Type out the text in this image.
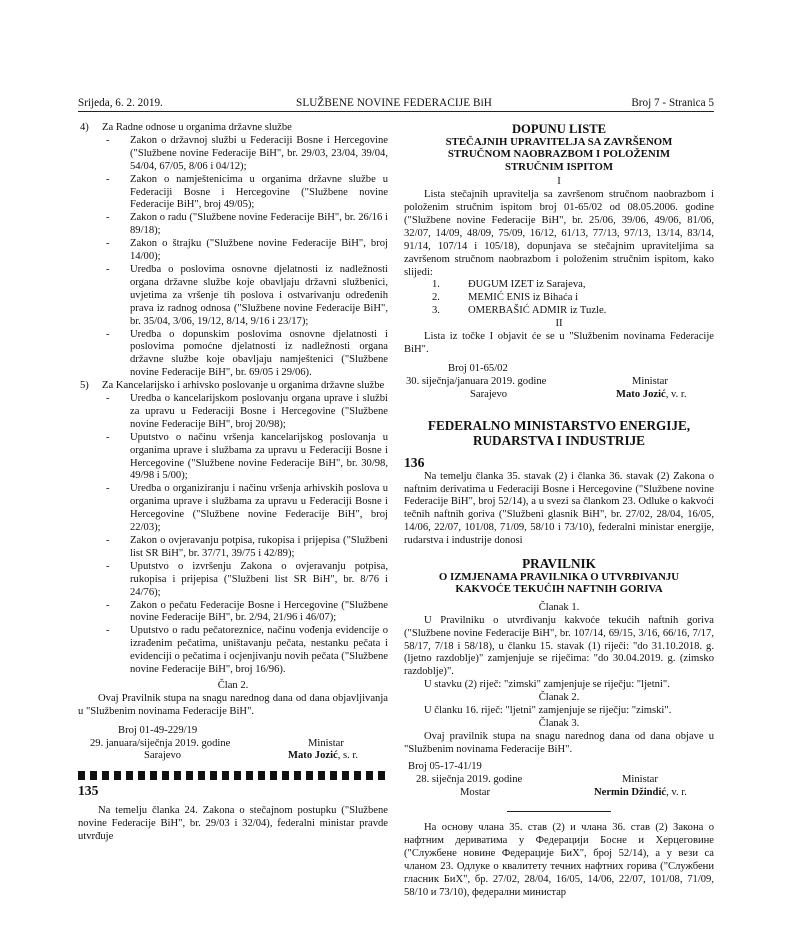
Srijeda, 6. 2. 2019.	SLUŽBENE NOVINE FEDERACIJE BiH	Broj 7 - Stranica 5
4) Za Radne odnose u organima državne službe
- Zakon o državnoj službi u Federaciji Bosne i Hercegovine ("Službene novine Federacije BiH", br. 29/03, 23/04, 39/04, 54/04, 67/05, 8/06 i 04/12);
- Zakon o namještenicima u organima državne službe u Federaciji Bosne i Hercegovine ("Službene novine Federacije BiH", broj 49/05);
- Zakon o radu ("Službene novine Federacije BiH", br. 26/16 i 89/18);
- Zakon o štrajku ("Službene novine Federacije BiH", broj 14/00);
- Uredba o poslovima osnovne djelatnosti iz nadležnosti organa državne službe koje obavljaju državni službenici, uvjetima za vršenje tih poslova i ostvarivanju određenih prava iz radnog odnosa ("Službene novine Federacije BiH", br. 35/04, 3/06, 19/12, 8/14, 9/16 i 23/17);
- Uredba o dopunskim poslovima osnovne djelatnosti i poslovima pomoćne djelatnosti iz nadležnosti organa državne službe koje obavljaju namještenici ("Službene novine Federacije BiH", br. 69/05 i 29/06).
5) Za Kancelarijsko i arhivsko poslovanje u organima državne službe
- Uredba o kancelarijskom poslovanju organa uprave i službi za upravu u Federaciji Bosne i Hercegovine ("Službene novine Federacije BiH", broj 20/98);
- Uputstvo o načinu vršenja kancelarijskog poslovanja u organima uprave i službama za upravu u Federaciji Bosne i Hercegovine ("Službene novine Federacije BiH", br. 30/98, 49/98 i 5/00);
- Uredba o organiziranju i načinu vršenja arhivskih poslova u organima uprave i službama za upravu u Federaciji Bosne i Hercegovine ("Službene novine Federacije BiH", broj 22/03);
- Zakon o ovjeravanju potpisa, rukopisa i prijepisa ("Službeni list SR BiH", br. 37/71, 39/75 i 42/89);
- Uputstvo o izvršenju Zakona o ovjeravanju potpisa, rukopisa i prijepisa ("Službeni list SR BiH", br. 8/76 i 24/76);
- Zakon o pečatu Federacije Bosne i Hercegovine ("Službene novine Federacije BiH", br. 2/94, 21/96 i 46/07);
- Uputstvo o radu pečatoreznice, načinu vođenja evidencije o izrađenim pečatima, uništavanju pečata, nestanku pečata i evidenciji o pečatima i ocjenjivanju novih pečata ("Službene novine Federacije BiH", broj 16/96).

Član 2.

Ovaj Pravilnik stupa na snagu narednog dana od dana objavljivanja u "Službenim novinama Federacije BiH".

Broj 01-49-229/19

29. januara/siječnja 2019. godine	Ministar
Sarajevo	Mato Jozić, s. r.

135

Na temelju članka 24. Zakona o stečajnom postupku ("Službene novine Federacije BiH", br. 29/03 i 32/04), federalni ministar pravde utvrđuje

DOPUNU LISTE

STEČAJNIH UPRAVITELJA SA ZAVRŠENOM STRUČNOM NAOBRAZBOM I POLOŽENIM STRUČNIM ISPITOM

I

Lista stečajnih upravitelja sa završenom stručnom naobrazbom i položenim stručnim ispitom broj 01-65/02 od 08.05.2006. godine ("Službene novine Federacije BiH", br. 25/06, 39/06, 49/06, 81/06, 32/07, 14/09, 48/09, 75/09, 16/12, 61/13, 77/13, 97/13, 13/14, 83/14, 91/14, 107/14 i 105/18), dopunjava se stečajnim upraviteljima sa završenom stručnom naobrazbom i položenim stručnim ispitom, kako slijedi:

1.	ĐUGUM IZET iz Sarajeva,
2.	MEMIĆ ENIS iz Bihaća i
3.	OMERBAŠIĆ ADMIR iz Tuzle.

II

Lista iz točke I objavit će se u "Službenim novinama Federacije BiH".

Broj 01-65/02

30. siječnja/januara 2019. godine	Ministar
Sarajevo	Mato Jozić, v. r.

FEDERALNO MINISTARSTVO ENERGIJE, RUDARSTVA I INDUSTRIJE

136

Na temelju članka 35. stavak (2) i članka 36. stavak (2) Zakona o naftnim derivatima u Federaciji Bosne i Hercegovine ("Službene novine Federacije BiH", broj 52/14), a u svezi sa člankom 23. Odluke o kakvoći tečnih naftnih goriva ("Službeni glasnik BiH", br. 27/02, 28/04, 16/05, 14/06, 22/07, 101/08, 71/09, 58/10 i 73/10), federalni ministar energije, rudarstva i industrije donosi

PRAVILNIK

O IZMJENAMA PRAVILNIKA O UTVRĐIVANJU KAKVOĆE TEKUĆIH NAFTNIH GORIVA

Članak 1.

U Pravilniku o utvrđivanju kakvoće tekućih naftnih goriva ("Službene novine Federacije BiH", br. 107/14, 69/15, 3/16, 66/16, 7/17, 58/17, 7/18 i 58/18), u članku 15. stavak (1) riječi: "do 31.10.2018. g. (ljetno razdoblje)" zamjenjuje se riječima: "do 30.04.2019. g. (zimsko razdoblje)".

U stavku (2) riječ: "zimski" zamjenjuje se riječju: "ljetni".

Članak 2.

U članku 16. riječ: "ljetni" zamjenjuje se riječju: "zimski".

Članak 3.

Ovaj pravilnik stupa na snagu narednog dana od dana objave u "Službenim novinama Federacije BiH".

Broj 05-17-41/19

28. siječnja 2019. godine	Ministar
Mostar	Nermin Džindić, v. r.

На основу члана 35. став (2) и члана 36. став (2) Закона о нафтним дериватима у Федерацији Босне и Херцеговине ("Службене новине Федерације БиХ", број 52/14), а у вези са чланом 23. Одлуке о квалитету течних нафтних горива ("Службени гласник БиХ", бр. 27/02, 28/04, 16/05, 14/06, 22/07, 101/08, 71/09, 58/10 и 73/10), федерални министар
